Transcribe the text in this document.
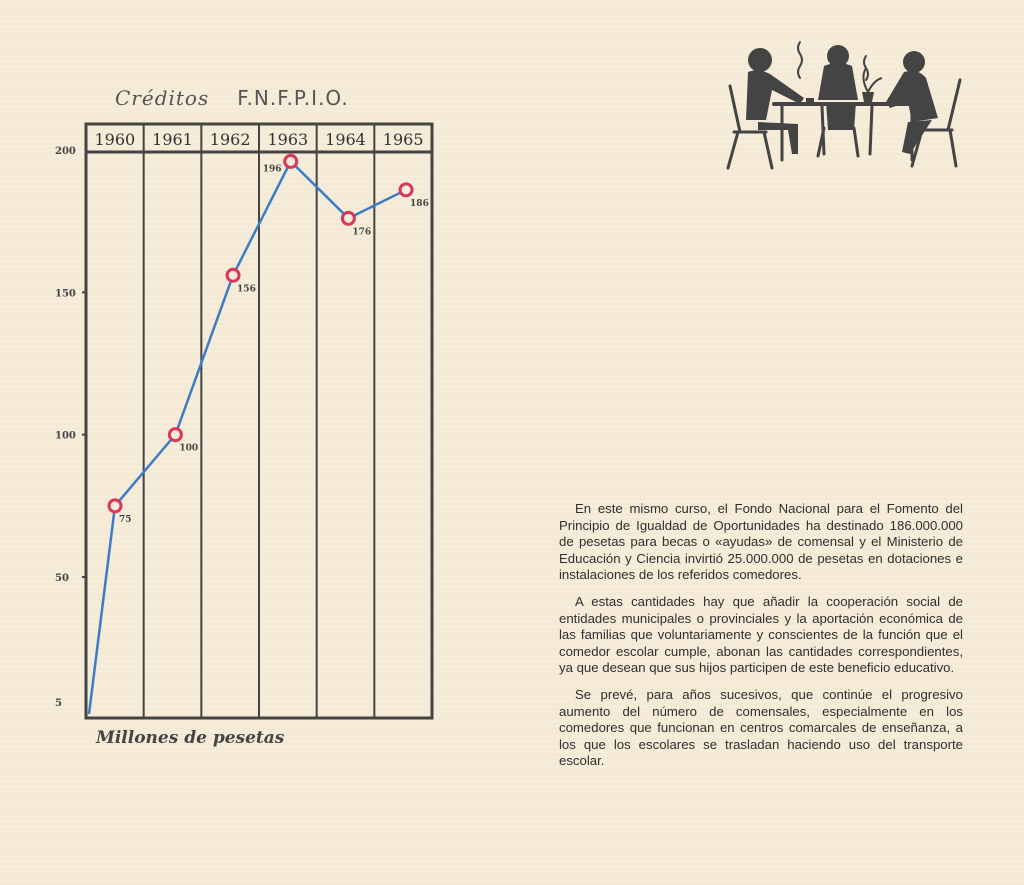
Créditos F.N.F.P.I.O.
1960 1961 1962 1963 1964 1965
5
50
100
150
200
75
100
156
196
176
186
Millones de pesetas

En este mismo curso, el Fondo Nacional para el Fomento del Principio de Igualdad de Oportunidades ha destinado 186.000.000 de pesetas para becas o «ayudas» de comensal y el Ministerio de Educación y Ciencia invirtió 25.000.000 de pesetas en dotaciones e instalaciones de los referidos comedores.

A estas cantidades hay que añadir la cooperación social de entidades municipales o provinciales y la aportación económica de las familias que voluntariamente y conscientes de la función que el comedor escolar cumple, abonan las cantidades correspondientes, ya que desean que sus hijos participen de este beneficio educativo.

Se prevé, para años sucesivos, que continúe el progresivo aumento del número de comensales, especialmente en los comedores que funcionan en centros comarcales de enseñanza, a los que los escolares se trasladan haciendo uso del transporte escolar.
